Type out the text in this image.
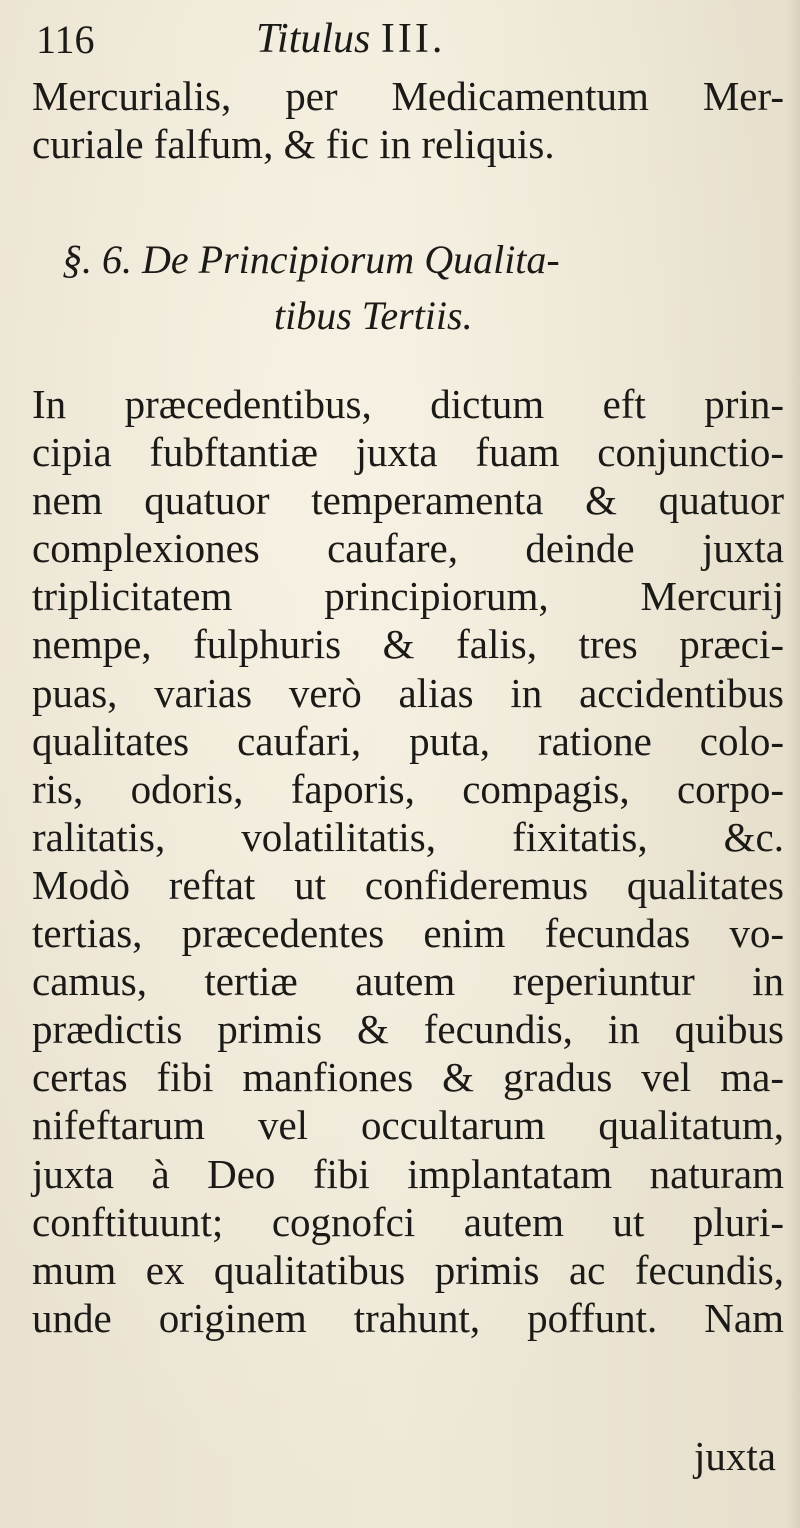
116	Titulus III.
Mercurialis, per Medicamentum Mer-
curiale falfum, & fic in reliquis.
§. 6. De Principiorum Qualita-
tibus Tertiis.
In præcedentibus, dictum eft prin-
cipia fubftantiæ juxta fuam conjunctio-
nem quatuor temperamenta & quatuor
complexiones caufare, deinde juxta
triplicitatem principiorum, Mercurij
nempe, fulphuris & falis, tres præci-
puas, varias verò alias in accidentibus
qualitates caufari, puta, ratione colo-
ris, odoris, faporis, compagis, corpo-
ralitatis, volatilitatis, fixitatis, &c.
Modò reftat ut confideremus qualitates
tertias, præcedentes enim fecundas vo-
camus, tertiæ autem reperiuntur in
prædictis primis & fecundis, in quibus
certas fibi manfiones & gradus vel ma-
nifeftarum vel occultarum qualitatum,
juxta à Deo fibi implantatam naturam
conftituunt; cognofci autem ut pluri-
mum ex qualitatibus primis ac fecundis,
unde originem trahunt, poffunt. Nam
juxta
